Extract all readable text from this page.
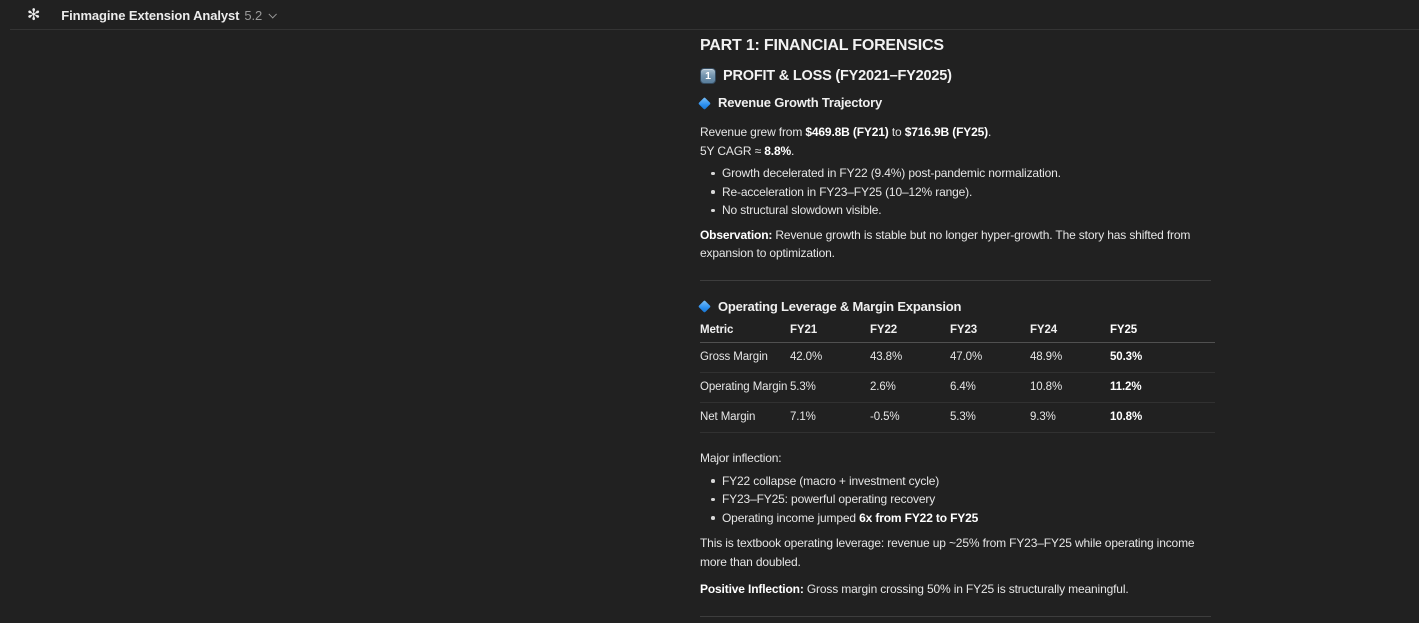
✻ Finmagine Extension Analyst 5.2
PART 1: FINANCIAL FORENSICS
1 PROFIT & LOSS (FY2021–FY2025)
Revenue Growth Trajectory

Revenue grew from $469.8B (FY21) to $716.9B (FY25).
5Y CAGR ≈ 8.8%.

Growth decelerated in FY22 (9.4%) post-pandemic normalization.
Re-acceleration in FY23–FY25 (10–12% range).
No structural slowdown visible.

Observation: Revenue growth is stable but no longer hyper-growth. The story has shifted from expansion to optimization.

Operating Leverage & Margin Expansion
Metric	FY21	FY22	FY23	FY24	FY25
Gross Margin	42.0%	43.8%	47.0%	48.9%	50.3%
Operating Margin	5.3%	2.6%	6.4%	10.8%	11.2%
Net Margin	7.1%	-0.5%	5.3%	9.3%	10.8%

Major inflection:

FY22 collapse (macro + investment cycle)
FY23–FY25: powerful operating recovery
Operating income jumped 6x from FY22 to FY25

This is textbook operating leverage: revenue up ~25% from FY23–FY25 while operating income more than doubled.

Positive Inflection: Gross margin crossing 50% in FY25 is structurally meaningful.
